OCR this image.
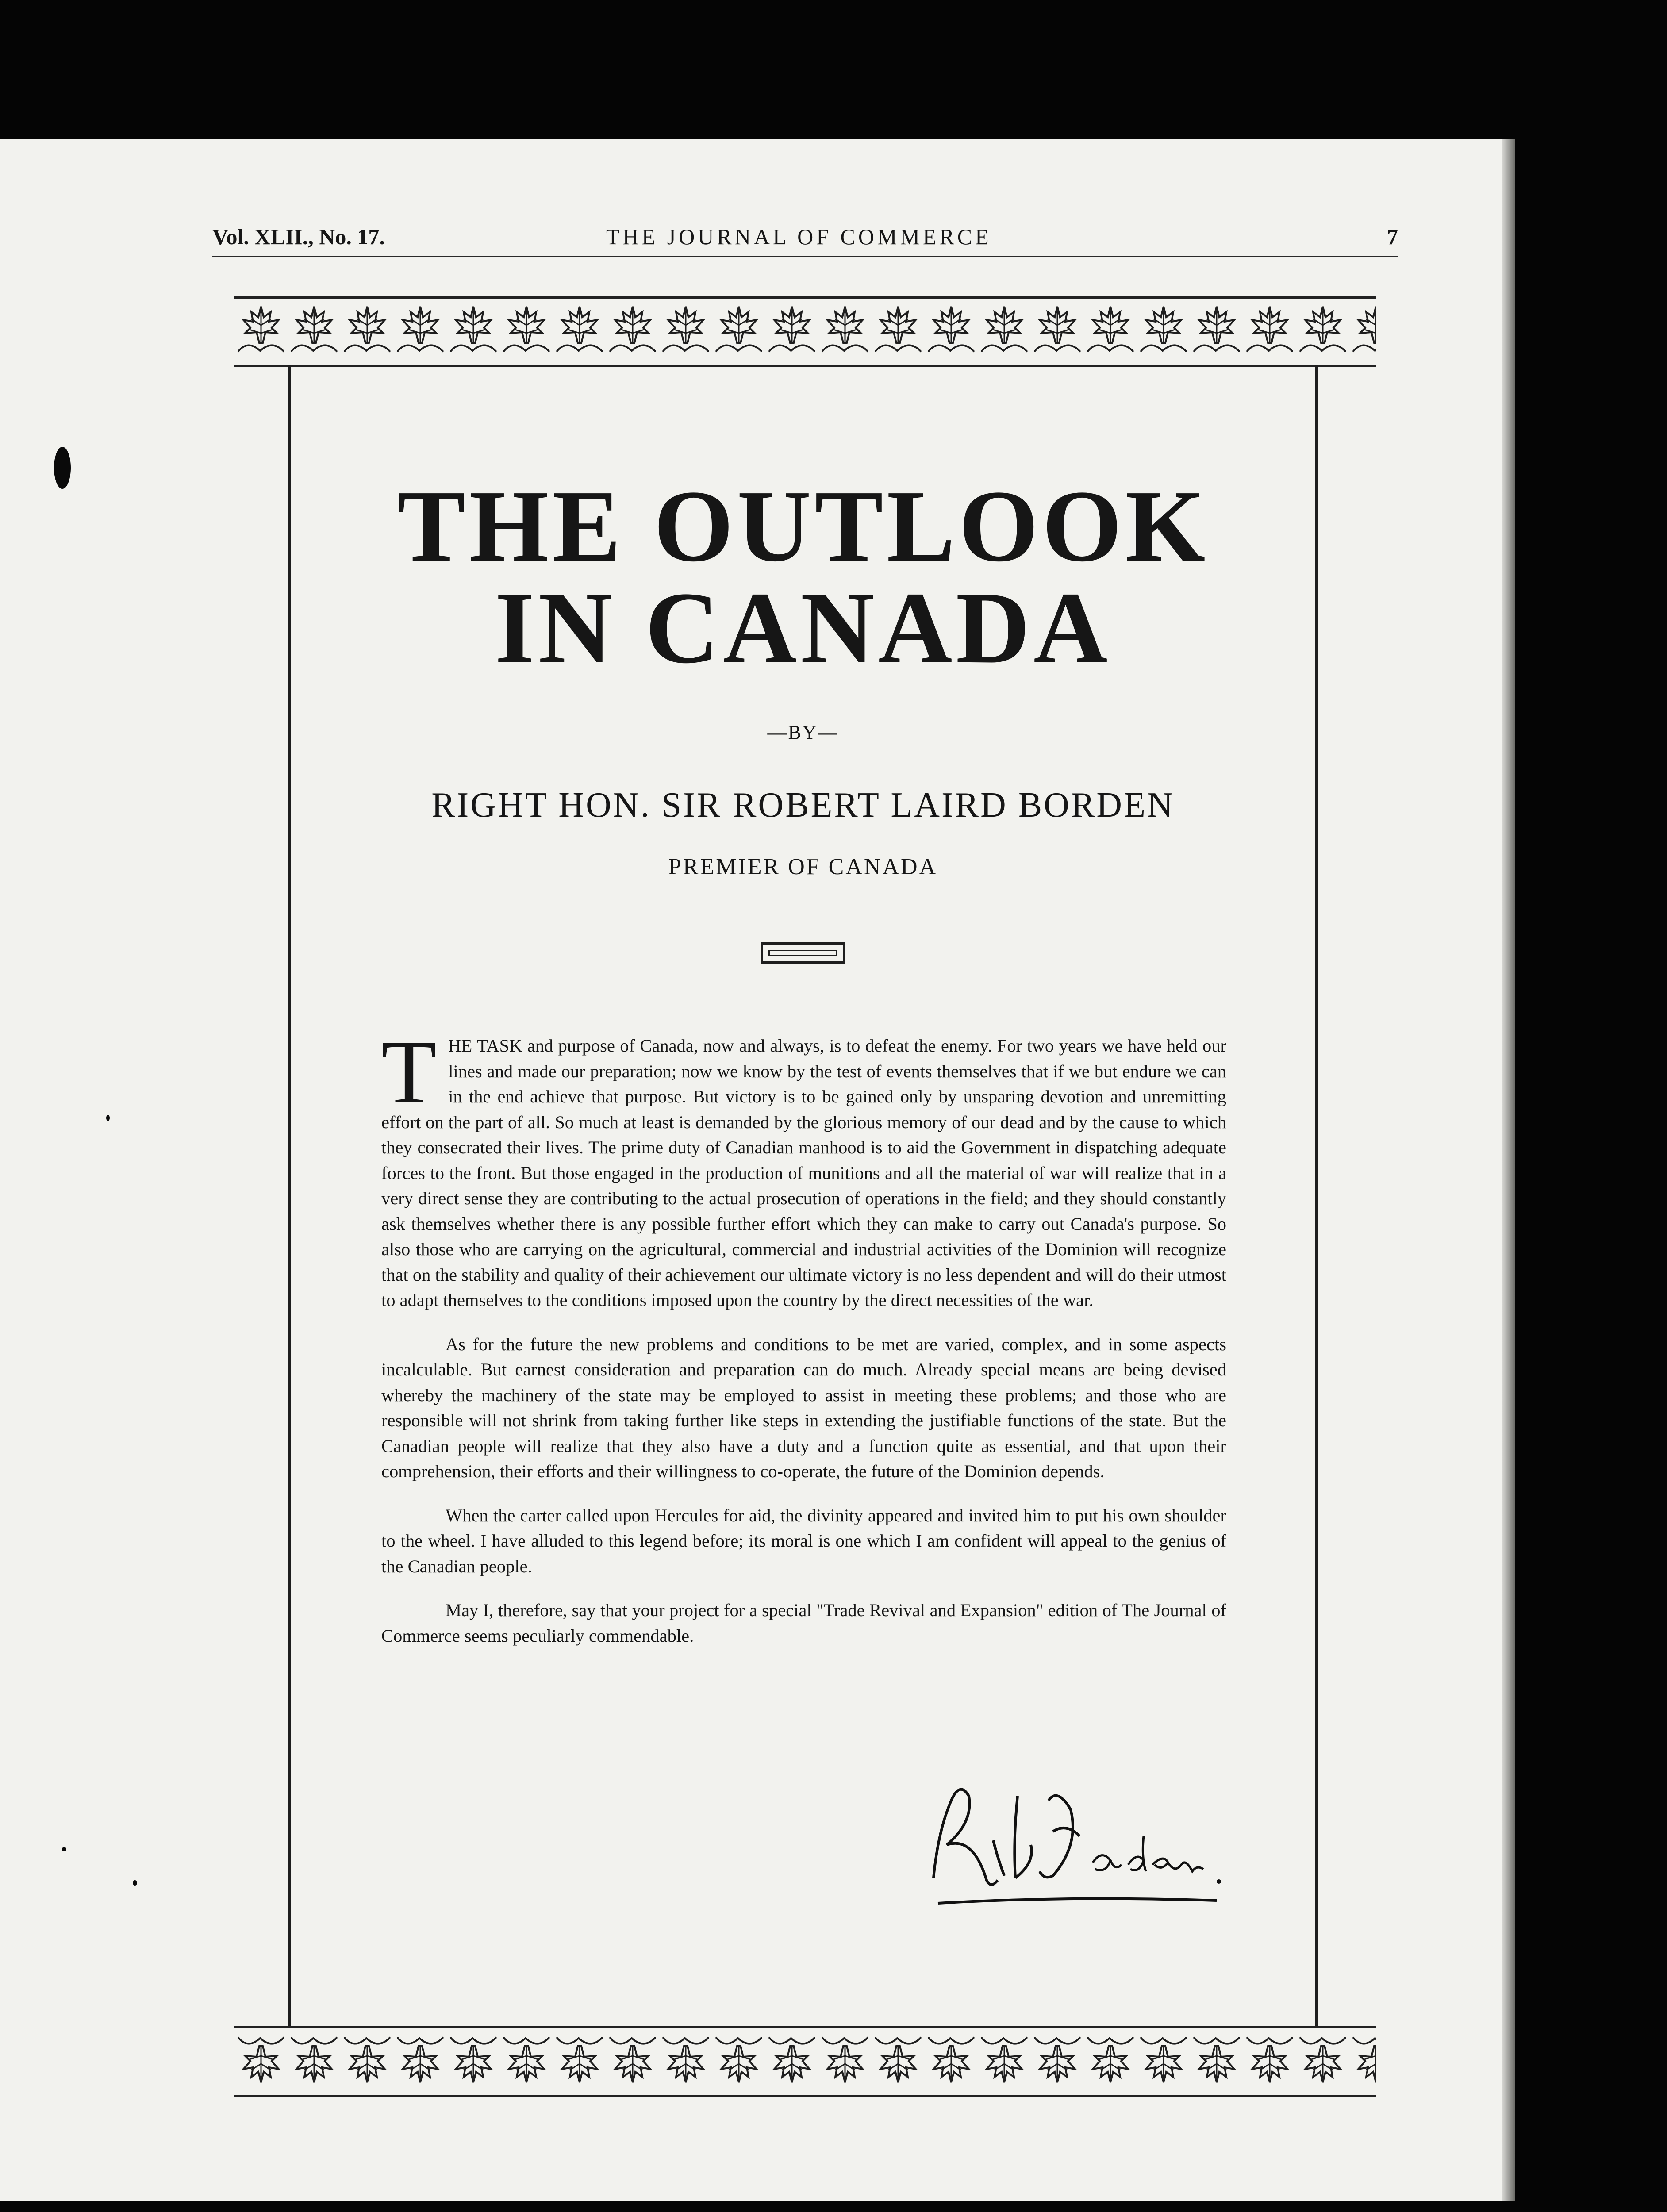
Vol. XLII., No. 17.	THE JOURNAL OF COMMERCE	7
THE OUTLOOK
IN CANADA
—BY—
RIGHT HON. SIR ROBERT LAIRD BORDEN
PREMIER OF CANADA

THE TASK and purpose of Canada, now and always, is to defeat the enemy. For two years we have held our lines and made our preparation; now we know by the test of events themselves that if we but endure we can in the end achieve that purpose. But victory is to be gained only by unsparing devotion and unremitting effort on the part of all. So much at least is demanded by the glorious memory of our dead and by the cause to which they consecrated their lives. The prime duty of Canadian manhood is to aid the Government in dispatching adequate forces to the front. But those engaged in the production of munitions and all the material of war will realize that in a very direct sense they are contributing to the actual prosecution of operations in the field; and they should constantly ask themselves whether there is any possible further effort which they can make to carry out Canada's purpose. So also those who are carrying on the agricultural, commercial and industrial activities of the Dominion will recognize that on the stability and quality of their achievement our ultimate victory is no less dependent and will do their utmost to adapt themselves to the conditions imposed upon the country by the direct necessities of the war.

As for the future the new problems and conditions to be met are varied, complex, and in some aspects incalculable. But earnest consideration and preparation can do much. Already special means are being devised whereby the machinery of the state may be employed to assist in meeting these problems; and those who are responsible will not shrink from taking further like steps in extending the justifiable functions of the state. But the Canadian people will realize that they also have a duty and a function quite as essential, and that upon their comprehension, their efforts and their willingness to co-operate, the future of the Dominion depends.

When the carter called upon Hercules for aid, the divinity appeared and invited him to put his own shoulder to the wheel. I have alluded to this legend before; its moral is one which I am confident will appeal to the genius of the Canadian people.

May I, therefore, say that your project for a special "Trade Revival and Expansion" edition of The Journal of Commerce seems peculiarly commendable.
